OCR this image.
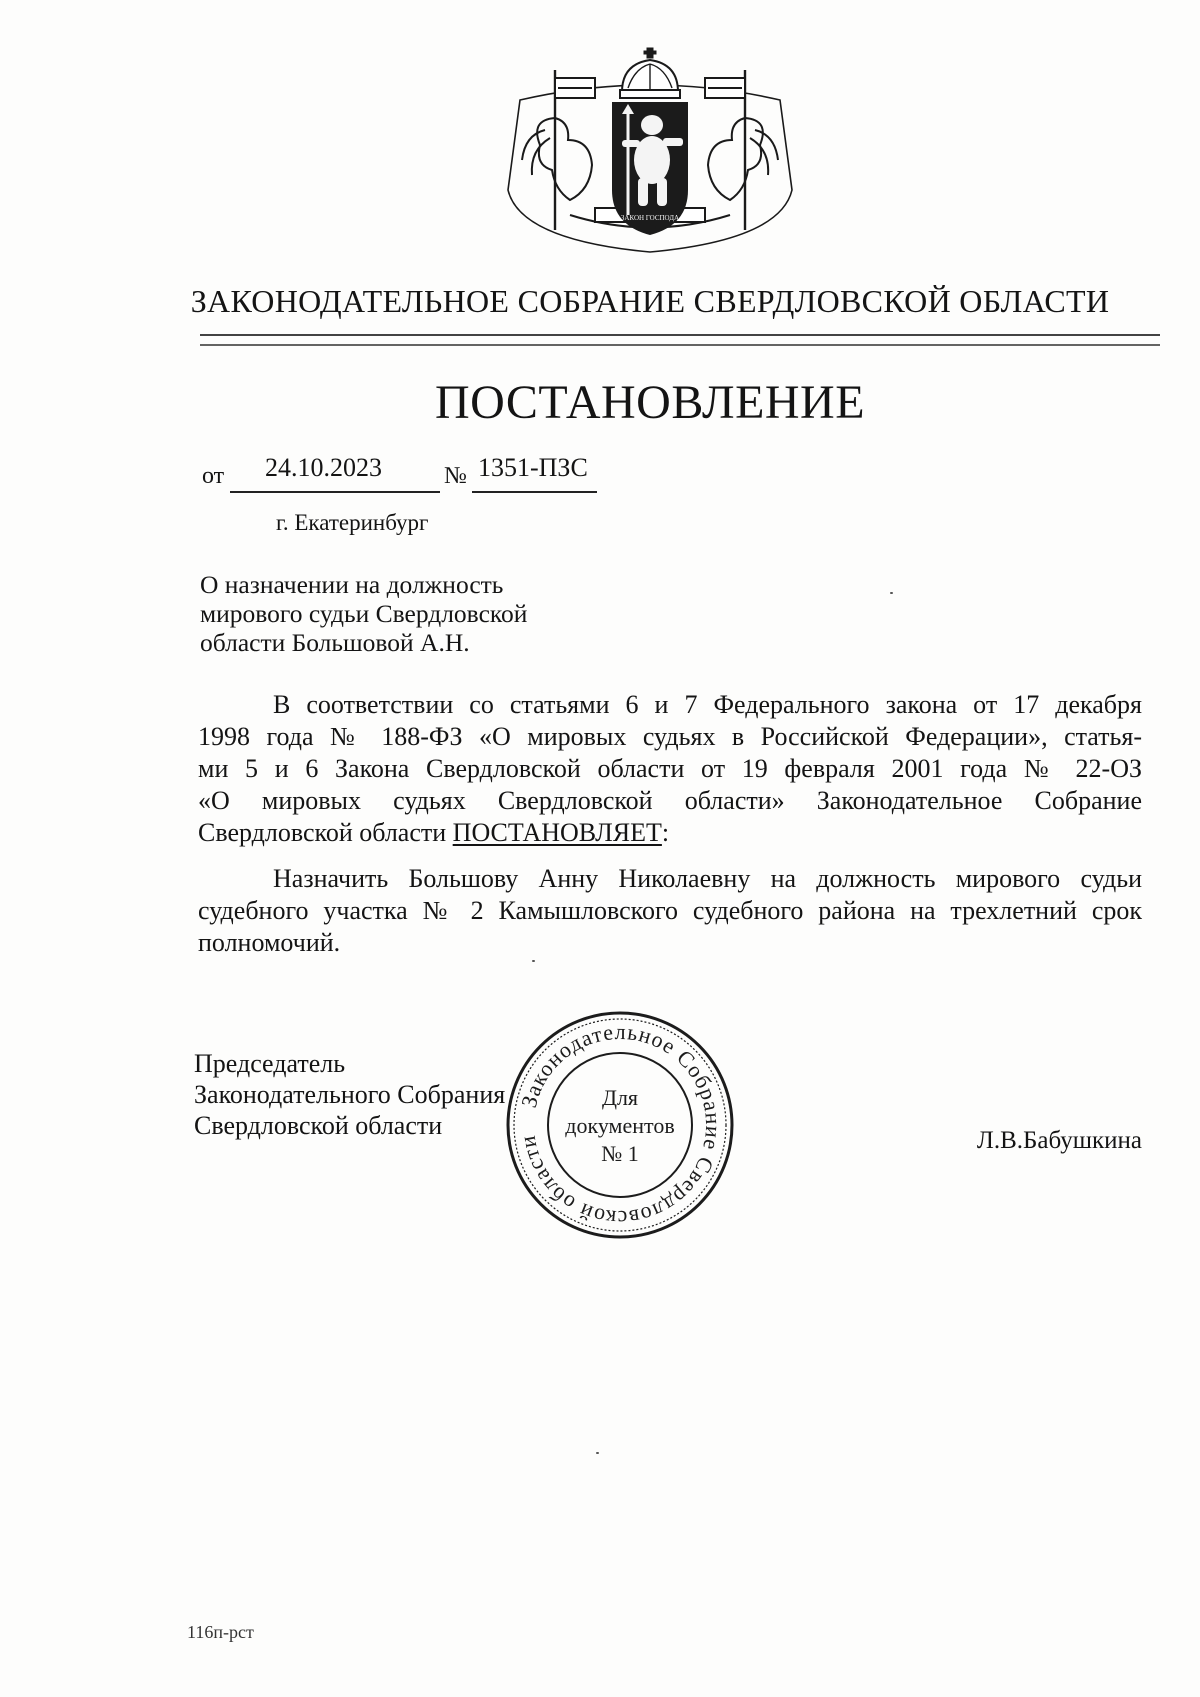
ЗАКОН ГОСПОДА
ЗАКОНОДАТЕЛЬНОЕ СОБРАНИЕ СВЕРДЛОВСКОЙ ОБЛАСТИ
ПОСТАНОВЛЕНИЕ
от 24.10.2023	№ 1351-ПЗС
г. Екатеринбург
О назначении на должность
мирового судьи Свердловской
области Большовой А.Н.
В соответствии со статьями 6 и 7 Федерального закона от 17 декабря
1998 года № 188-ФЗ «О мировых судьях в Российской Федерации», статья-
ми 5 и 6 Закона Свердловской области от 19 февраля 2001 года № 22-ОЗ
«О мировых судьях Свердловской области» Законодательное Собрание
Свердловской области ПОСТАНОВЛЯЕТ:
Назначить Большову Анну Николаевну на должность мирового судьи
судебного участка № 2 Камышловского судебного района на трехлетний срок
полномочий.
Председатель
Законодательного Собрания
Свердловской области
Законодательное Собрание Свердловской области
Для
документов
№ 1	Л.В.Бабушкина
116п-рст
